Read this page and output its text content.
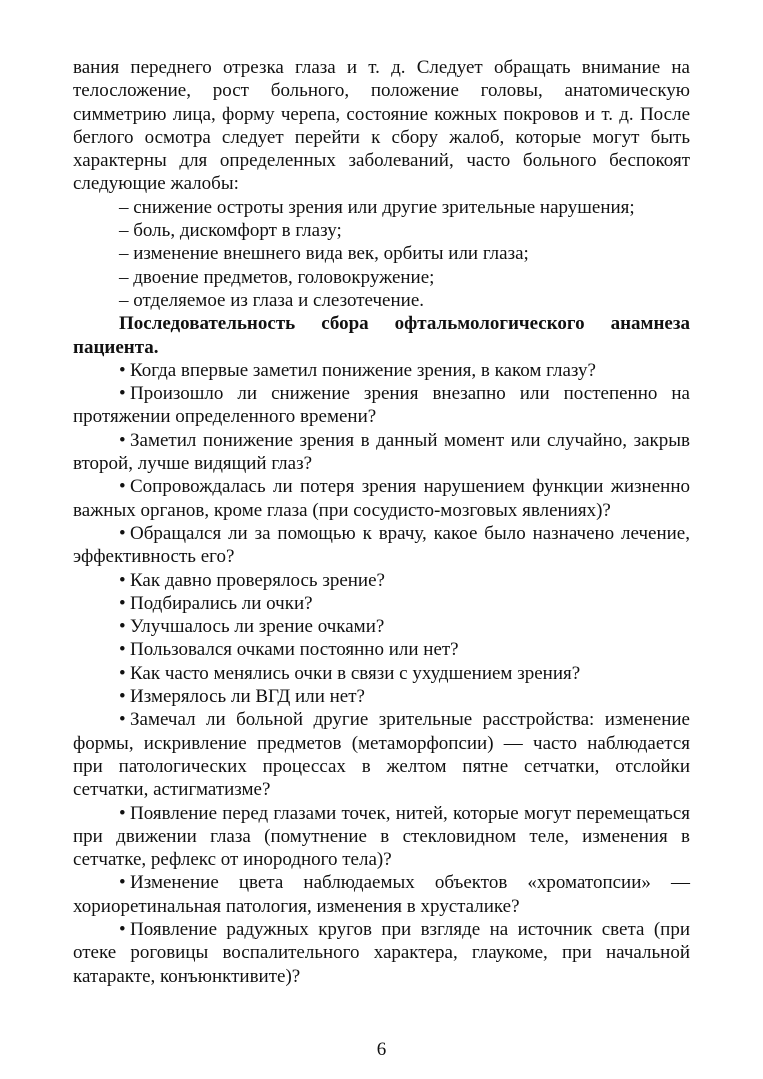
вания переднего отрезка глаза и т. д. Следует обращать внимание на телосложение, рост больного, положение головы, анатомическую симметрию лица, форму черепа, состояние кожных покровов и т. д. После беглого осмотра следует перейти к сбору жалоб, которые могут быть характерны для определенных заболеваний, часто больного беспокоят следующие жалобы:

– снижение остроты зрения или другие зрительные нарушения;

– боль, дискомфорт в глазу;

– изменение внешнего вида век, орбиты или глаза;

– двоение предметов, головокружение;

– отделяемое из глаза и слезотечение.

Последовательность сбора офтальмологического анамнеза пациента.

• Когда впервые заметил понижение зрения, в каком глазу?

• Произошло ли снижение зрения внезапно или постепенно на протяжении определенного времени?

• Заметил понижение зрения в данный момент или случайно, закрыв второй, лучше видящий глаз?

• Сопровождалась ли потеря зрения нарушением функции жизненно важных органов, кроме глаза (при сосудисто-мозговых явлениях)?

• Обращался ли за помощью к врачу, какое было назначено лечение, эффективность его?

• Как давно проверялось зрение?

• Подбирались ли очки?

• Улучшалось ли зрение очками?

• Пользовался очками постоянно или нет?

• Как часто менялись очки в связи с ухудшением зрения?

• Измерялось ли ВГД или нет?

• Замечал ли больной другие зрительные расстройства: изменение формы, искривление предметов (метаморфопсии) — часто наблюдается при патологических процессах в желтом пятне сетчатки, отслойки сетчатки, астигматизме?

• Появление перед глазами точек, нитей, которые могут перемещаться при движении глаза (помутнение в стекловидном теле, изменения в сетчатке, рефлекс от инородного тела)?

• Изменение цвета наблюдаемых объектов «хроматопсии» — хориоретинальная патология, изменения в хрусталике?

• Появление радужных кругов при взгляде на источник света (при отеке роговицы воспалительного характера, глаукоме, при начальной катаракте, конъюнктивите)?

6
